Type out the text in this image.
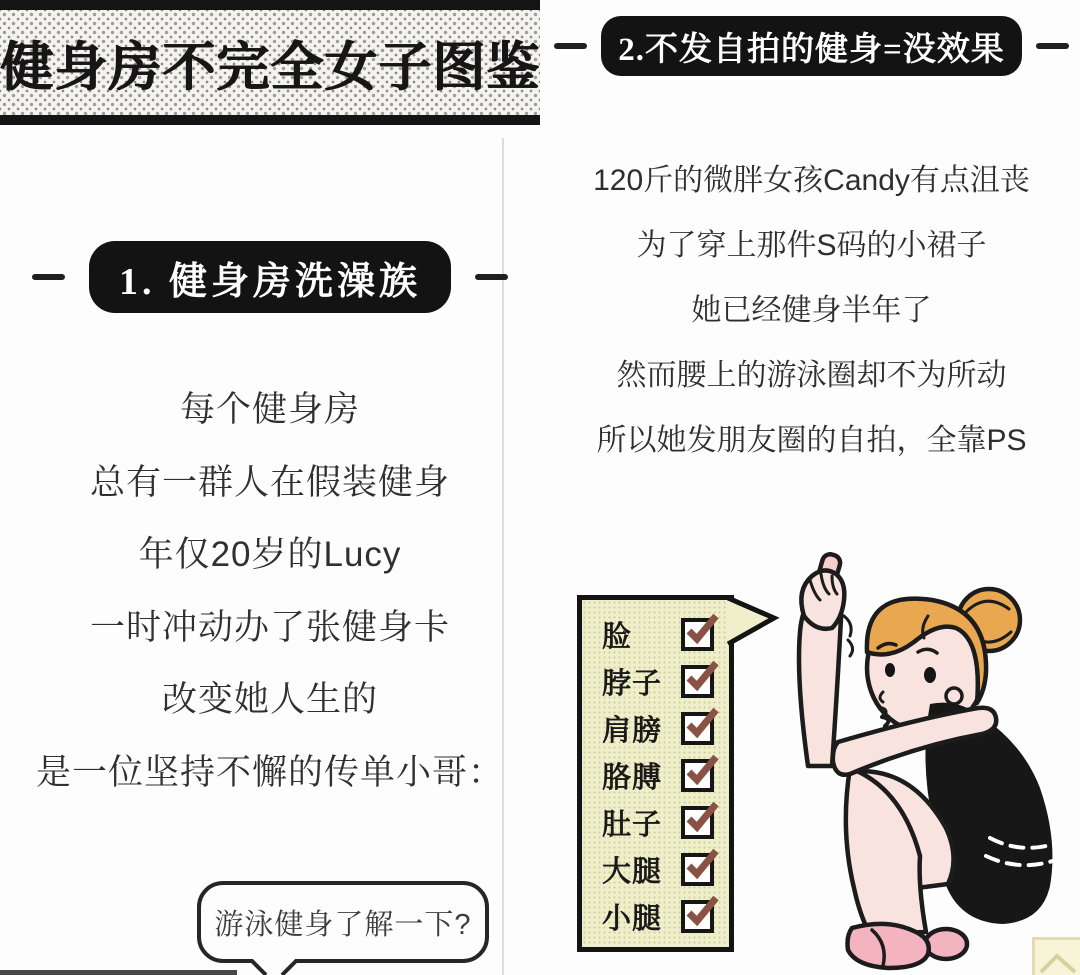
健身房不完全女子图鉴
1. 健身房洗澡族

每个健身房

总有一群人在假装健身

年仅20岁的Lucy

一时冲动办了张健身卡

改变她人生的

是一位坚持不懈的传单小哥：

游泳健身了解一下?
2.不发自拍的健身=没效果

120斤的微胖女孩Candy有点沮丧

为了穿上那件S码的小裙子

她已经健身半年了

然而腰上的游泳圈却不为所动

所以她发朋友圈的自拍，全靠PS

脸
脖子
肩膀
胳膊
肚子
大腿
小腿
